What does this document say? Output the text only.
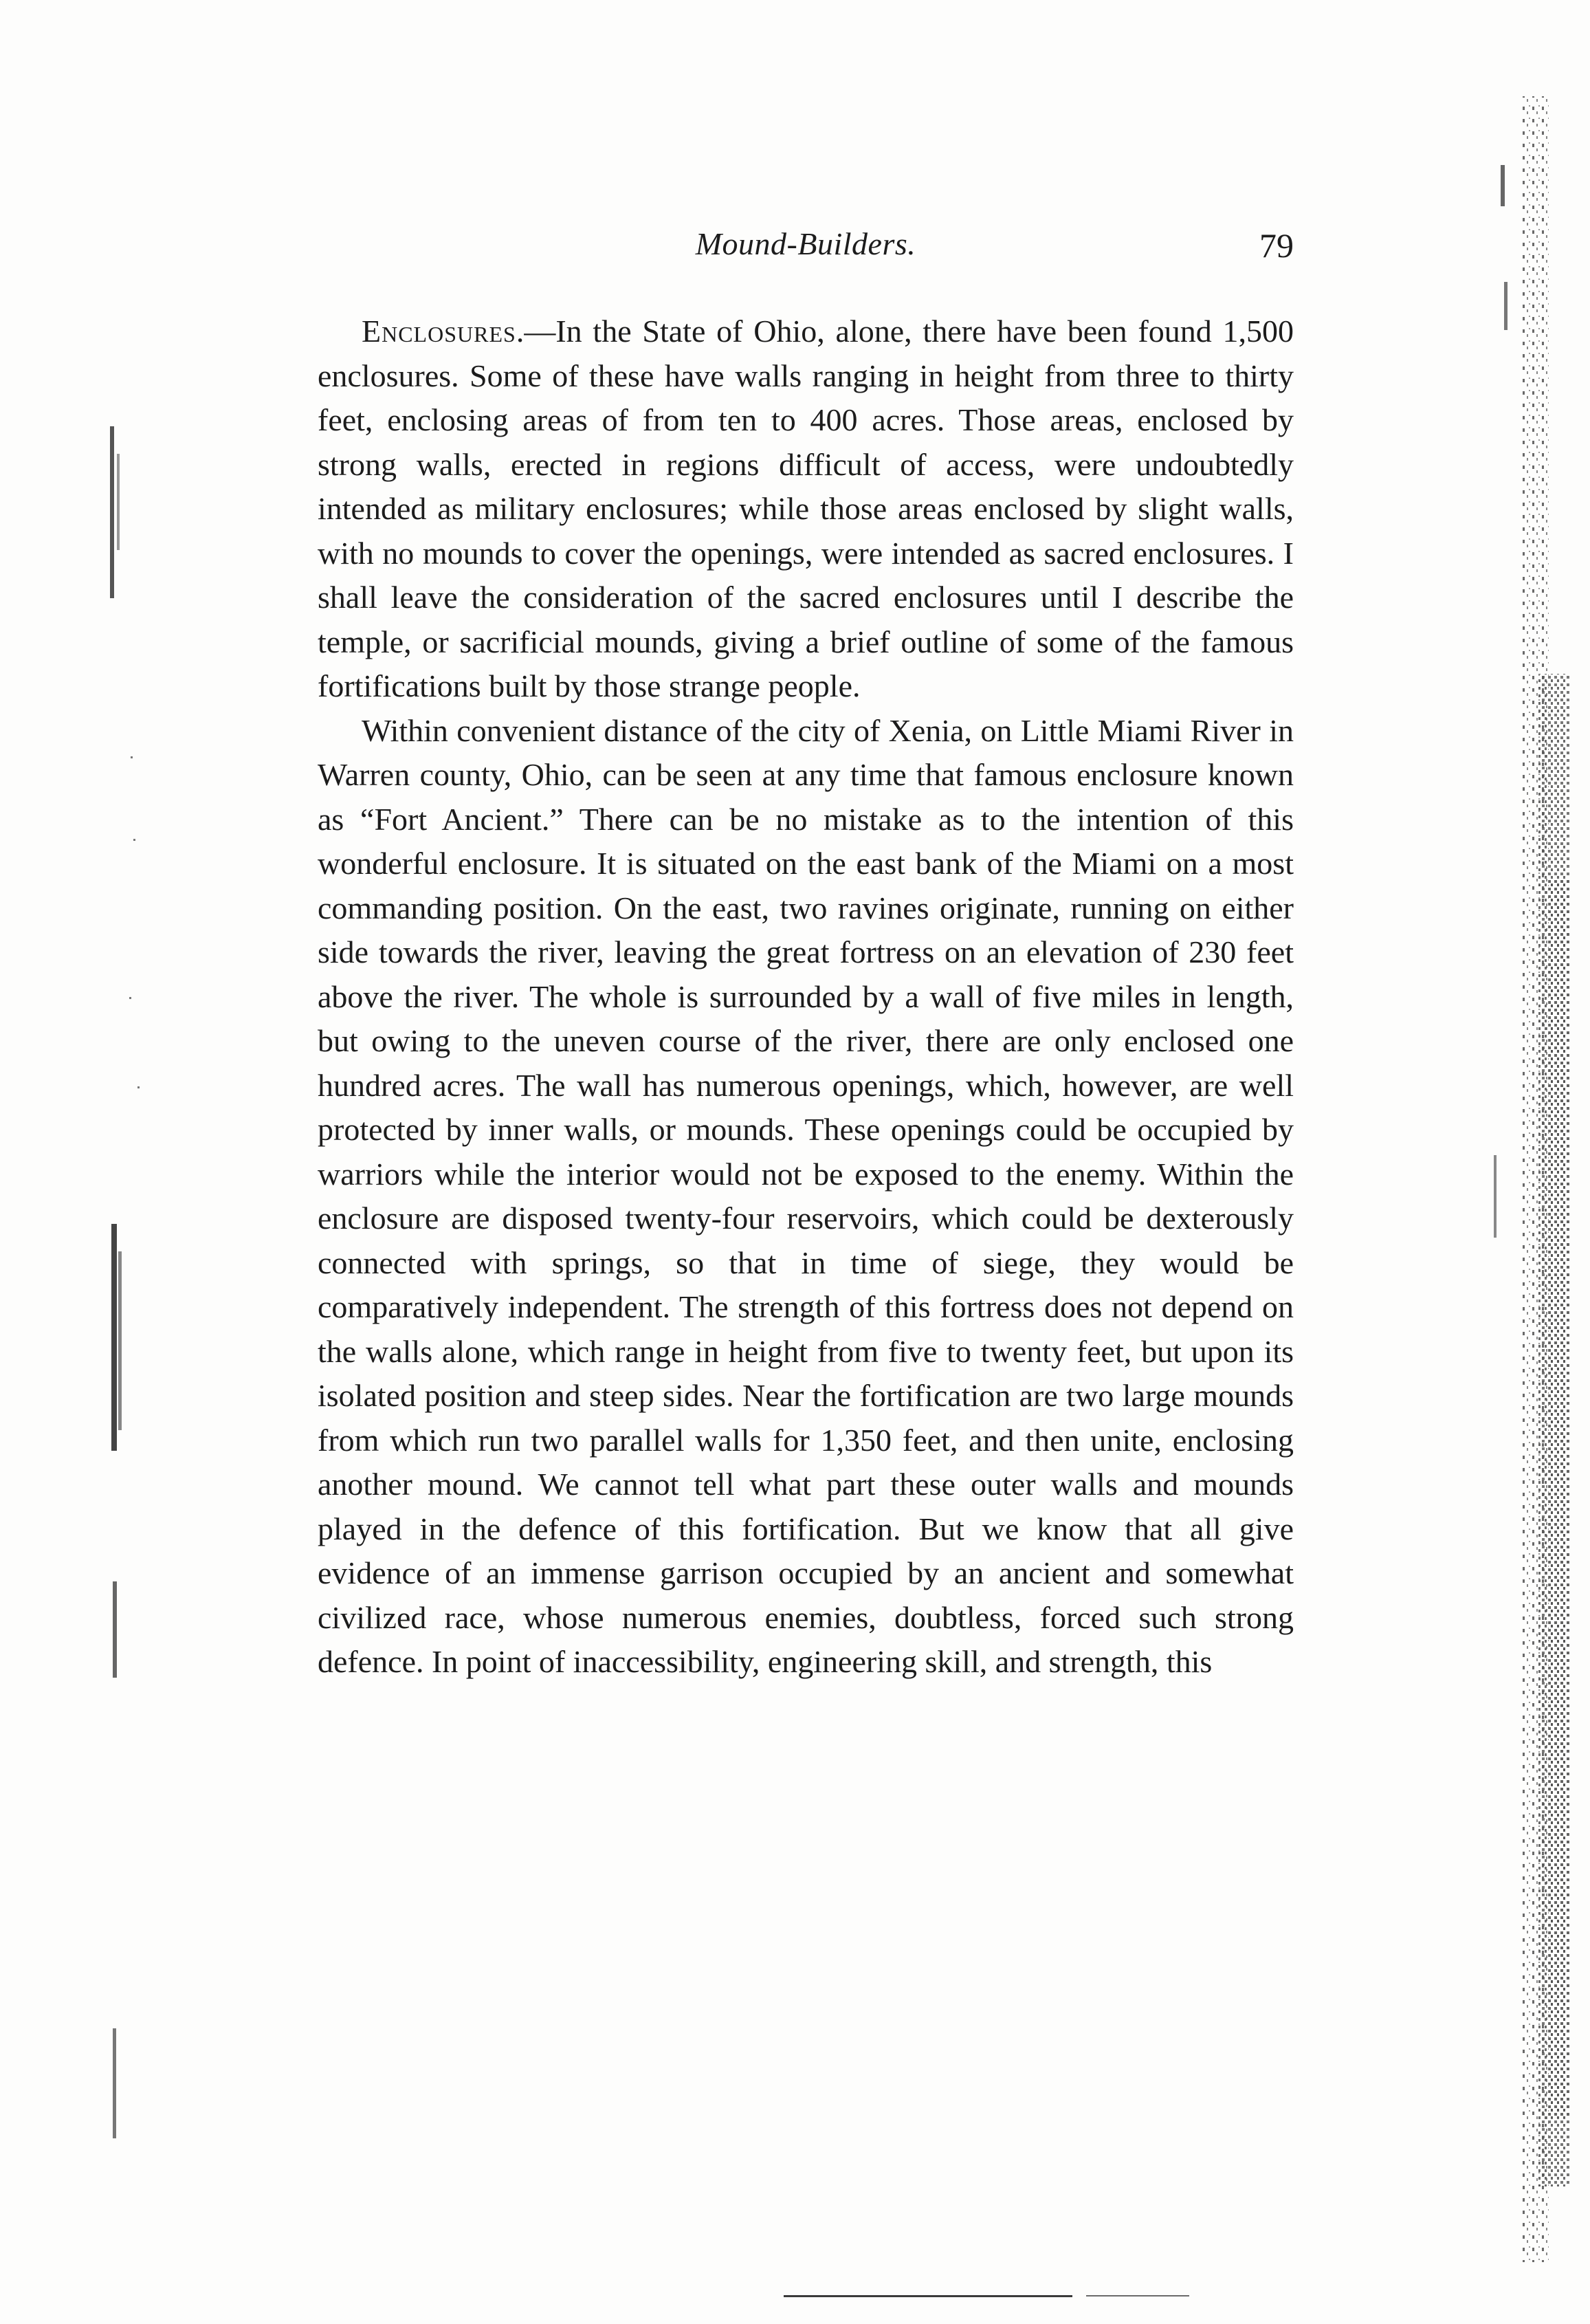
Mound-Builders.	79

Enclosures.—In the State of Ohio, alone, there have been found 1,500 enclosures. Some of these have walls ranging in height from three to thirty feet, enclosing areas of from ten to 400 acres. Those areas, enclosed by strong walls, erected in regions difficult of access, were undoubtedly intended as military enclosures; while those areas enclosed by slight walls, with no mounds to cover the openings, were intended as sacred enclosures. I shall leave the consideration of the sacred enclosures until I describe the temple, or sacrificial mounds, giving a brief outline of some of the famous fortifications built by those strange people.

Within convenient distance of the city of Xenia, on Little Miami River in Warren county, Ohio, can be seen at any time that famous enclosure known as “Fort Ancient.” There can be no mistake as to the intention of this wonderful enclosure. It is situated on the east bank of the Miami on a most commanding position. On the east, two ravines originate, running on either side towards the river, leaving the great fortress on an elevation of 230 feet above the river. The whole is surrounded by a wall of five miles in length, but owing to the uneven course of the river, there are only enclosed one hundred acres. The wall has numerous openings, which, however, are well protected by inner walls, or mounds. These openings could be occupied by warriors while the interior would not be exposed to the enemy. Within the enclosure are disposed twenty-four reservoirs, which could be dexterously connected with springs, so that in time of siege, they would be comparatively independent. The strength of this fortress does not depend on the walls alone, which range in height from five to twenty feet, but upon its isolated position and steep sides. Near the fortification are two large mounds from which run two parallel walls for 1,350 feet, and then unite, enclosing another mound. We cannot tell what part these outer walls and mounds played in the defence of this fortification. But we know that all give evidence of an immense garrison occupied by an ancient and somewhat civilized race, whose numerous enemies, doubtless, forced such strong defence. In point of inaccessibility, engineering skill, and strength, this
